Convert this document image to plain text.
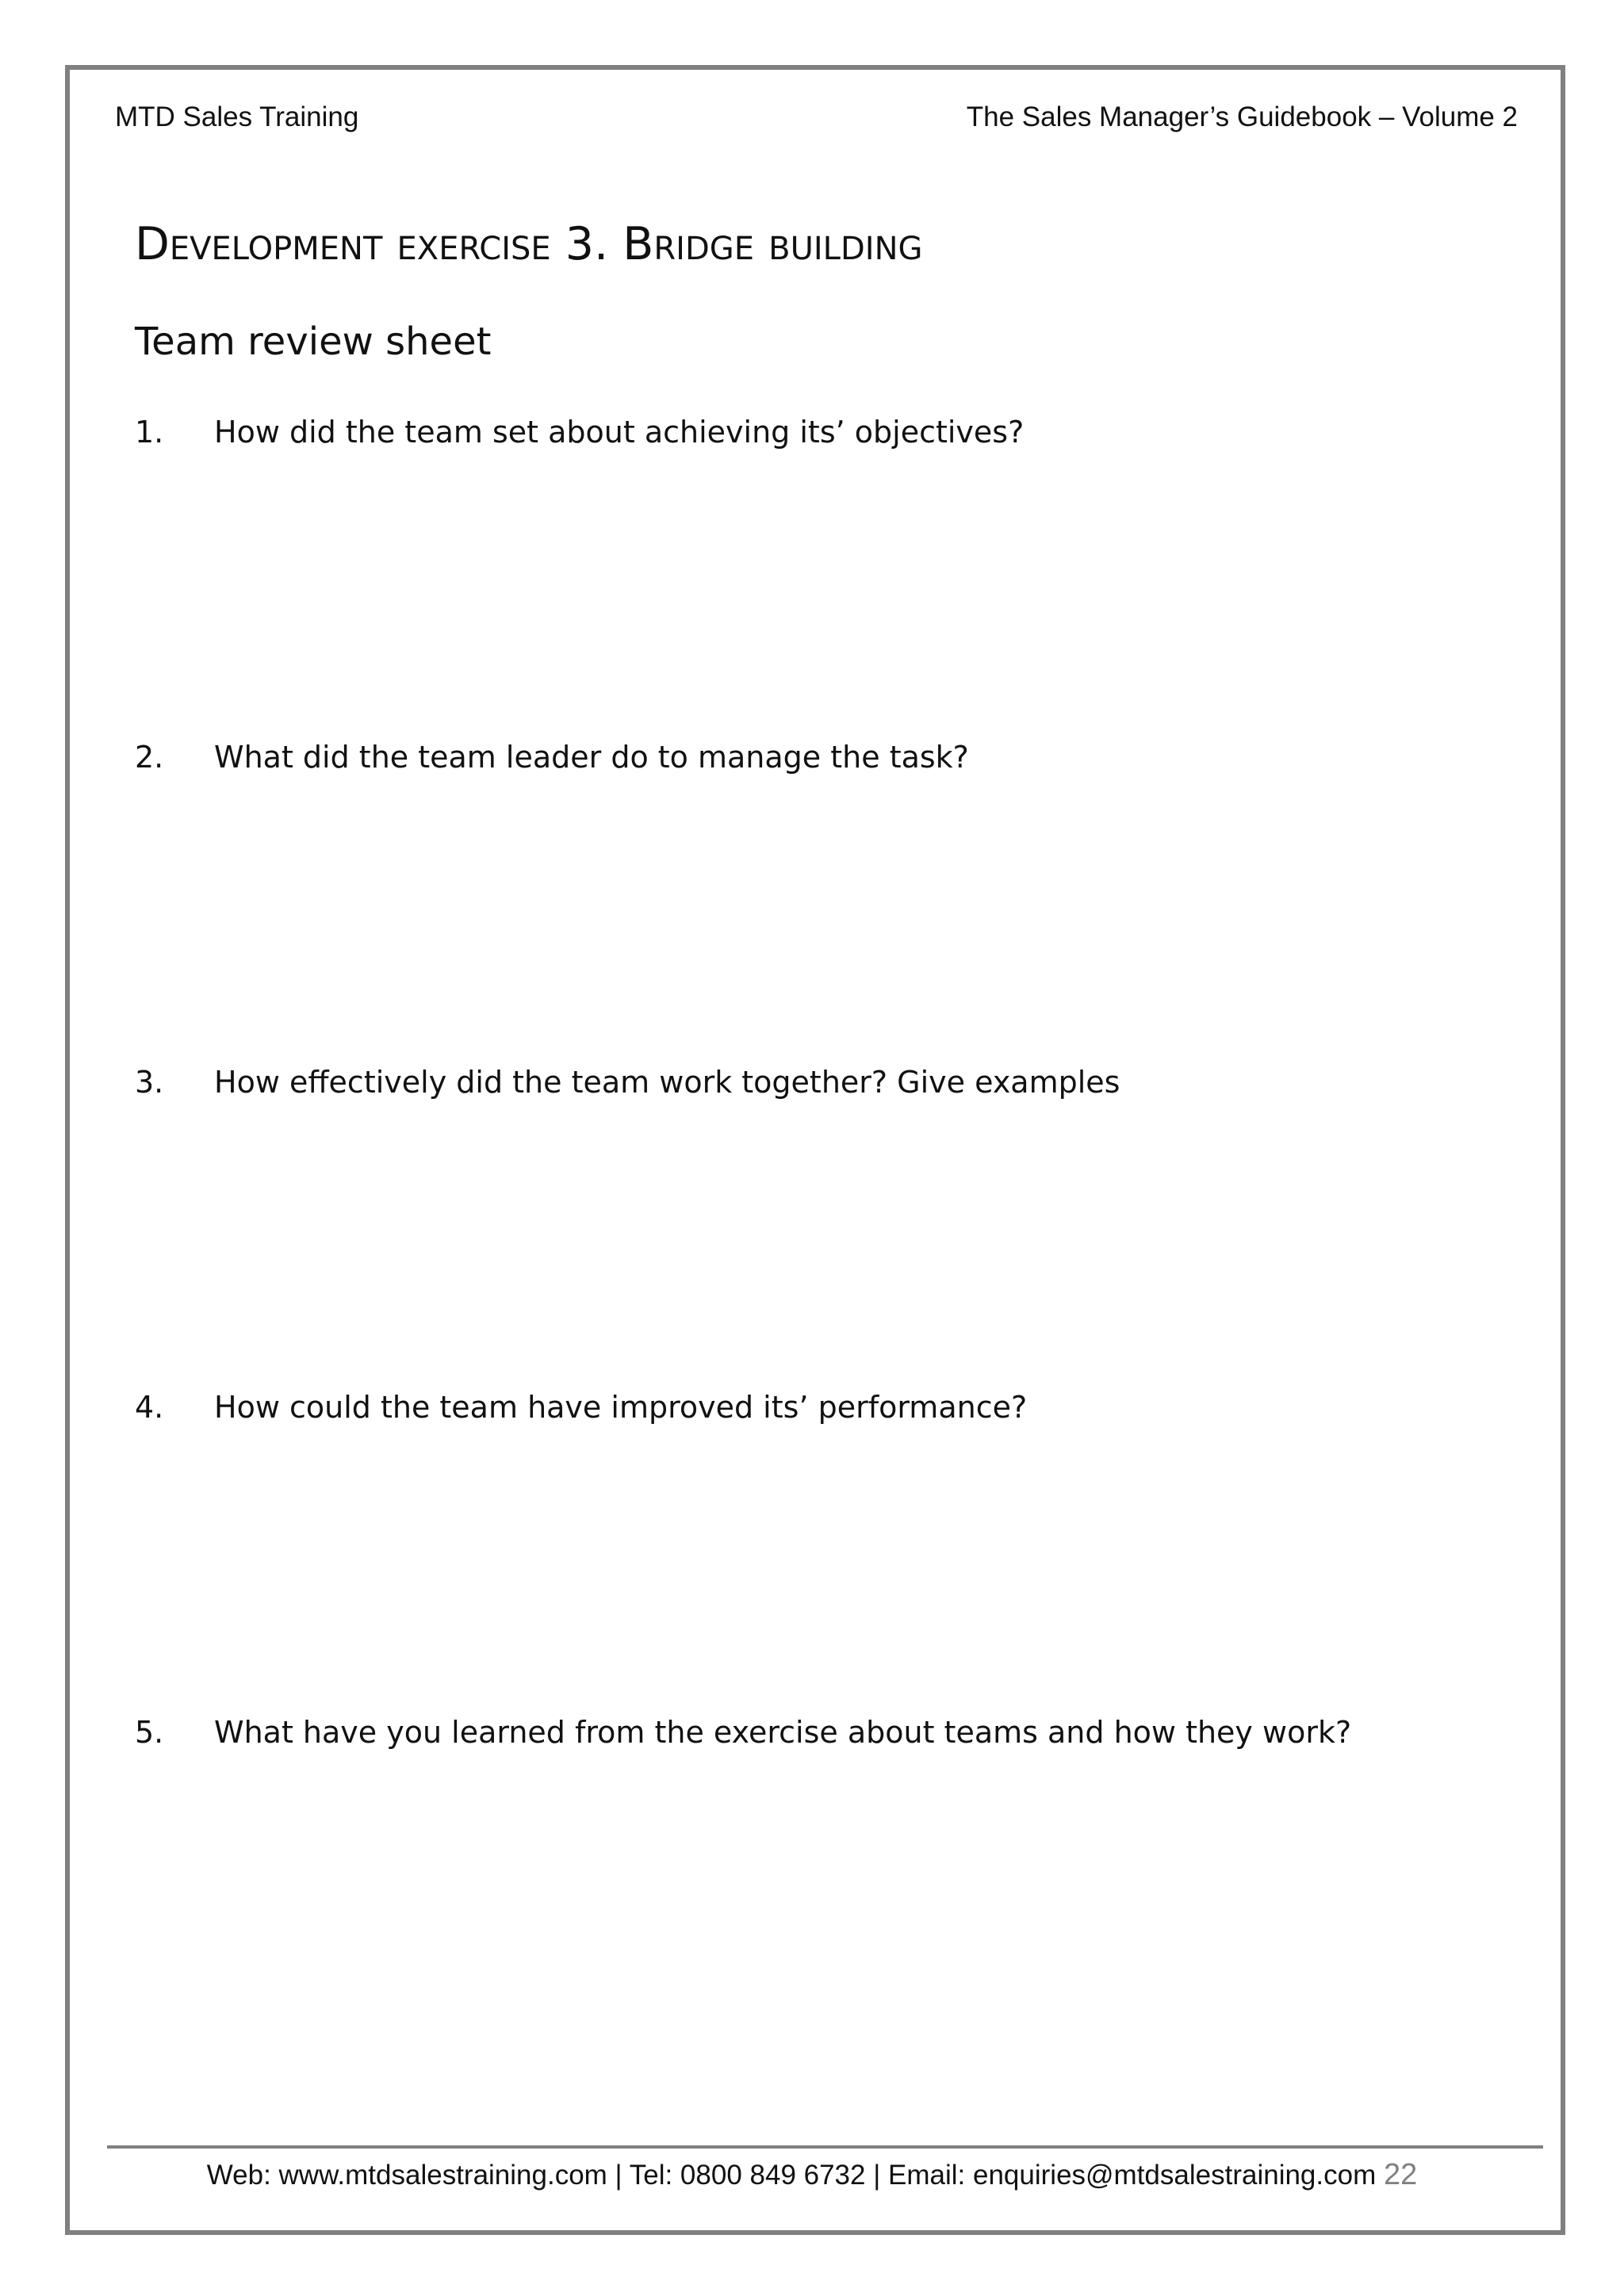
MTD Sales Training	The Sales Manager’s Guidebook – Volume 2
Development exercise 3. Bridge building
Team review sheet
1. How did the team set about achieving its’ objectives?
2. What did the team leader do to manage the task?
3. How effectively did the team work together? Give examples
4. How could the team have improved its’ performance?
5. What have you learned from the exercise about teams and how they work?
Web: www.mtdsalestraining.com | Tel: 0800 849 6732 | Email: enquiries@mtdsalestraining.com 22
